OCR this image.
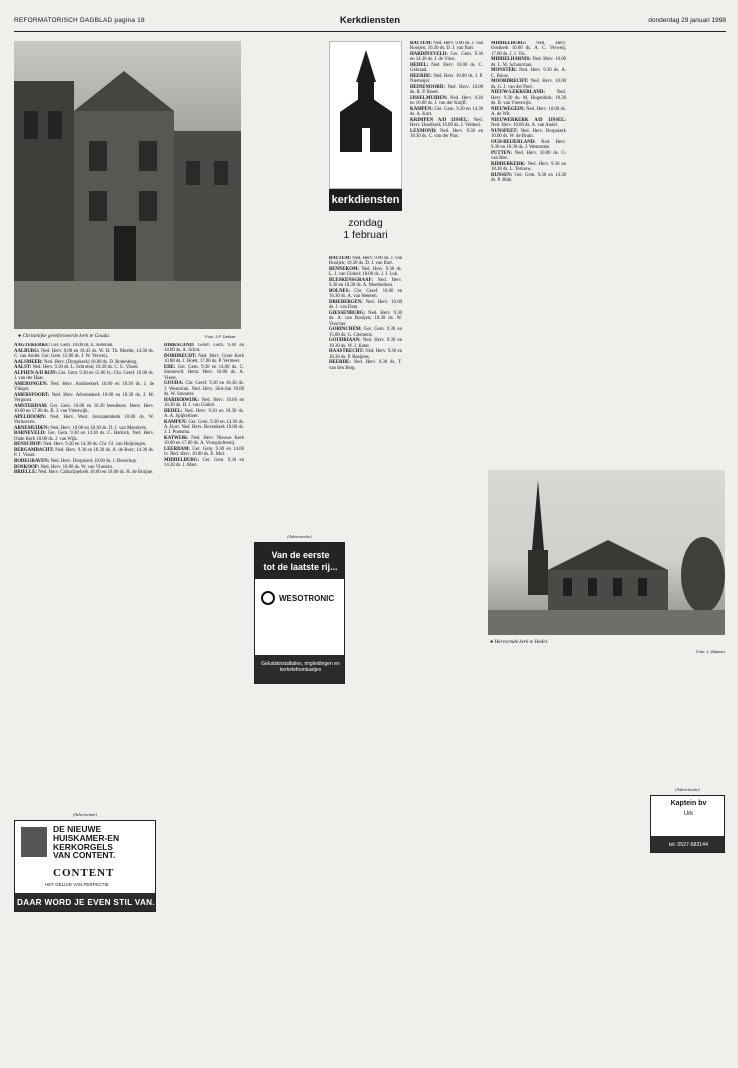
REFORMATORISCH DAGBLAD pagina 18	Kerkdiensten	donderdag 29 januari 1998
● Christelijke gereformeerde kerk te Gouda.	Foto: J.P. Dekker
kerkdiensten
zondag
1 februari
● Hervormde kerk te Hedel.
Foto: J. Walsum
(Advertentie)
DE NIEUWE
HUISKAMER-EN
KERKORGELS
VAN CONTENT.
CONTENT
HET GELUID VAN PERFECTIE
DAAR WORD JE EVEN STIL VAN.
(Advertentie)
Van de eerste
tot de laatste rij...
WESOTRONIC
Geluidsinstallaties, ringleidingen en kerkelefoonkastjes
(Advertentie)
Kaptein bv
Urk
tel. 0527-683144

AAGTEKERKE: Ger. Gem. 10.00 ds. E. Ketelaar.

AALBURG: Ned. Herv. 9.00 en 18.45 ds. W. H. Th. Moehn; 14.30 ds. C. van Andel. Ger. Gem. 15.00 ds. J. W. Verweij.

AALSMEER: Ned. Herv. (Dorpskerk) 10.00 ds. D. Rodenburg.

AALST: Ned. Herv. 9.30 ds. L. Schroten; 18.30 ds. C. G. Visser.

ALPHEN A/D RIJN: Ger. Gem. 9.30 en 15.00 lv.; Chr. Geref. 10.00 ds. J. van der Haar.

AMERONGEN: Ned. Herv. Andrieskerk 10.00 en 18.30 ds. J. de Vlieger.

AMERSFOORT: Ned. Herv. Adventskerk 10.00 en 18.30 ds. J. M. Vergunst.

AMSTERDAM: Ger. Gem. 10.00 en 16.30 leesdienst. Herst. Herv. 10.00 en 17.00 ds. B. J. van Vreeswijk.

APELDOORN: Ned. Herv. West. Jeruzalemkerk 10.00 ds. W. Verhoeven.

ARNEMUIDEN: Ned. Herv. 10.00 en 18.30 ds. D. J. van Meerkerk.

BARNEVELD: Ger. Gem. 9.30 en 14.30 ds. C. Harinck. Ned. Herv. Oude Kerk 10.00 ds. J. van Wijk.

BENSCHOP: Ned. Herv. 9.30 en 14.30 ds. Chr. Gl. van Heijningen.

BERGAMBACHT: Ned. Herv. 9.30 en 18.30 ds. A. de Boer; 14.30 ds. P. J. Visser.

BODEGRAVEN: Ned. Herv. Dorpskerk 10.00 ds. J. Benschop.

BOSKOOP: Ned. Herv. 10.00 ds. W. van Vlastuin.

BRIELLE: Ned. Herv. Catharijnekerk 10.00 en 18.00 ds. H. de Bruijne.

DIRKSLAND: Geref. Gem. 9.30 en 14.00 ds. A. Schot.

DORDRECHT: Ned. Herv. Grote Kerk 10.00 ds. J. Hoek; 17.00 ds. P. Vermeer.

EDE: Ger. Gem. 9.30 en 14.00 ds. C. Sonnevelt. Herst. Herv. 10.00 ds. A. Visser.

GOUDA: Chr. Geref. 9.30 en 16.30 ds. J. Westerink. Ned. Herv. Sint-Jan 10.00 ds. W. Smouter.

HARDERWIJK: Ned. Herv. 10.00 en 18.30 ds. H. J. van Ginkel.

HEDEL: Ned. Herv. 9.30 en 18.30 ds. A. A. Spijkerboer.

KAMPEN: Ger. Gem. 9.30 en 14.30 ds. A. Kort. Ned. Herv. Bovenkerk 10.00 ds. J. J. Poutsma.

KATWIJK: Ned. Herv. Nieuwe Kerk 10.00 en 17.00 ds. A. Vroegindeweij.

LEERDAM: Ger. Gem. 9.30 en 14.00 lv. Ned. Herv. 10.00 ds. E. Mol.

MIDDELBURG: Ger. Gem. 9.30 en 14.30 ds. J. Mast.

BATTEM: Ned. Herv. 9.00 ds. J. van Rooijen; 10.30 ds. D. J. van Bart.

BENNEKOM: Ned. Herv. 9.30 ds. L. J. van Ginkel; 18.00 ds. J. J. Lok.

BLESKENSGRAAF: Ned. Herv. 9.30 en 18.30 ds. A. Moerkerken.

BOLNES: Chr. Geref. 10.00 en 16.30 ds. A. van Heteren.

DRIEBERGEN: Ned. Herv. 10.00 ds. J. van Dam.

GIESSENBURG: Ned. Herv. 9.30 ds. A. van Rooijen; 18.30 ds. W. Visscher.

GORINCHEM: Ger. Gem. 9.30 en 15.00 ds. G. Clements.

GOUDRIAAN: Ned. Herv. 9.30 en 18.30 ds. W. J. Kater.

HAASTRECHT: Ned. Herv. 9.30 en 18.30 ds. P. Baaijens.

HEERDE: Ned. Herv. 9.30 ds. T. van den Berg.

BATTEM: Ned. Herv. 9.00 ds. J. van Rooijen; 10.30 ds. D. J. van Bart.

HARDINXVELD: Ger. Gem. 9.30 en 14.30 ds. J. de Vries.

HEDEL: Ned. Herv. 10.00 ds. C. Gebraad.

HEERDE: Ned. Herv. 10.00 ds. J. P. Niemeijer.

HEINENOORD: Ned. Herv. 10.00 ds. R. P. Roest.

IJSSELMUIDEN: Ned. Herv. 9.30 en 16.00 ds. J. van der Knijff.

KAMPEN: Ger. Gem. 9.30 en 14.30 ds. A. Kort.

KRIMPEN A/D IJSSEL: Ned. Herv. IJsselkerk 10.00 ds. J. Verheul.

LEXMOND: Ned. Herv. 9.30 en 18.30 ds. C. van der Plas.

MIDDELBURG: Ned. Herv. Oostkerk 10.00 ds. A. C. Verweij; 17.00 ds. J. J. Vis.

MIDDELHARNIS: Ned. Herv. 10.00 ds. L. W. Schuurman.

MONSTER: Ned. Herv. 9.30 ds. A. C. Bouw.

MOORDRECHT: Ned. Herv. 10.00 ds. G. J. van der Poel.

NIEUW-LEKKERLAND: Ned. Herv. 9.30 ds. M. Hogenbirk; 18.30 ds. B. van Vreeswijk.

NIEUWEGEIN: Ned. Herv. 10.00 ds. A. de Wit.

NIEUWERKERK A/D IJSSEL: Ned. Herv. 10.00 ds. A. van Andel.

NUNSPEET: Ned. Herv. Dorpskerk 10.00 ds. W. de Bruin.

OUD-BEIJERLAND: Ned. Herv. 9.30 en 18.30 ds. J. Weststrate.

PUTTEN: Ned. Herv. 10.00 ds. G. van Ree.

RIDDERKERK: Ned. Herv. 9.30 en 18.30 ds. L. Terlouw.

RIJSSEN: Ger. Gem. 9.30 en 14.30 ds. P. Blok.
